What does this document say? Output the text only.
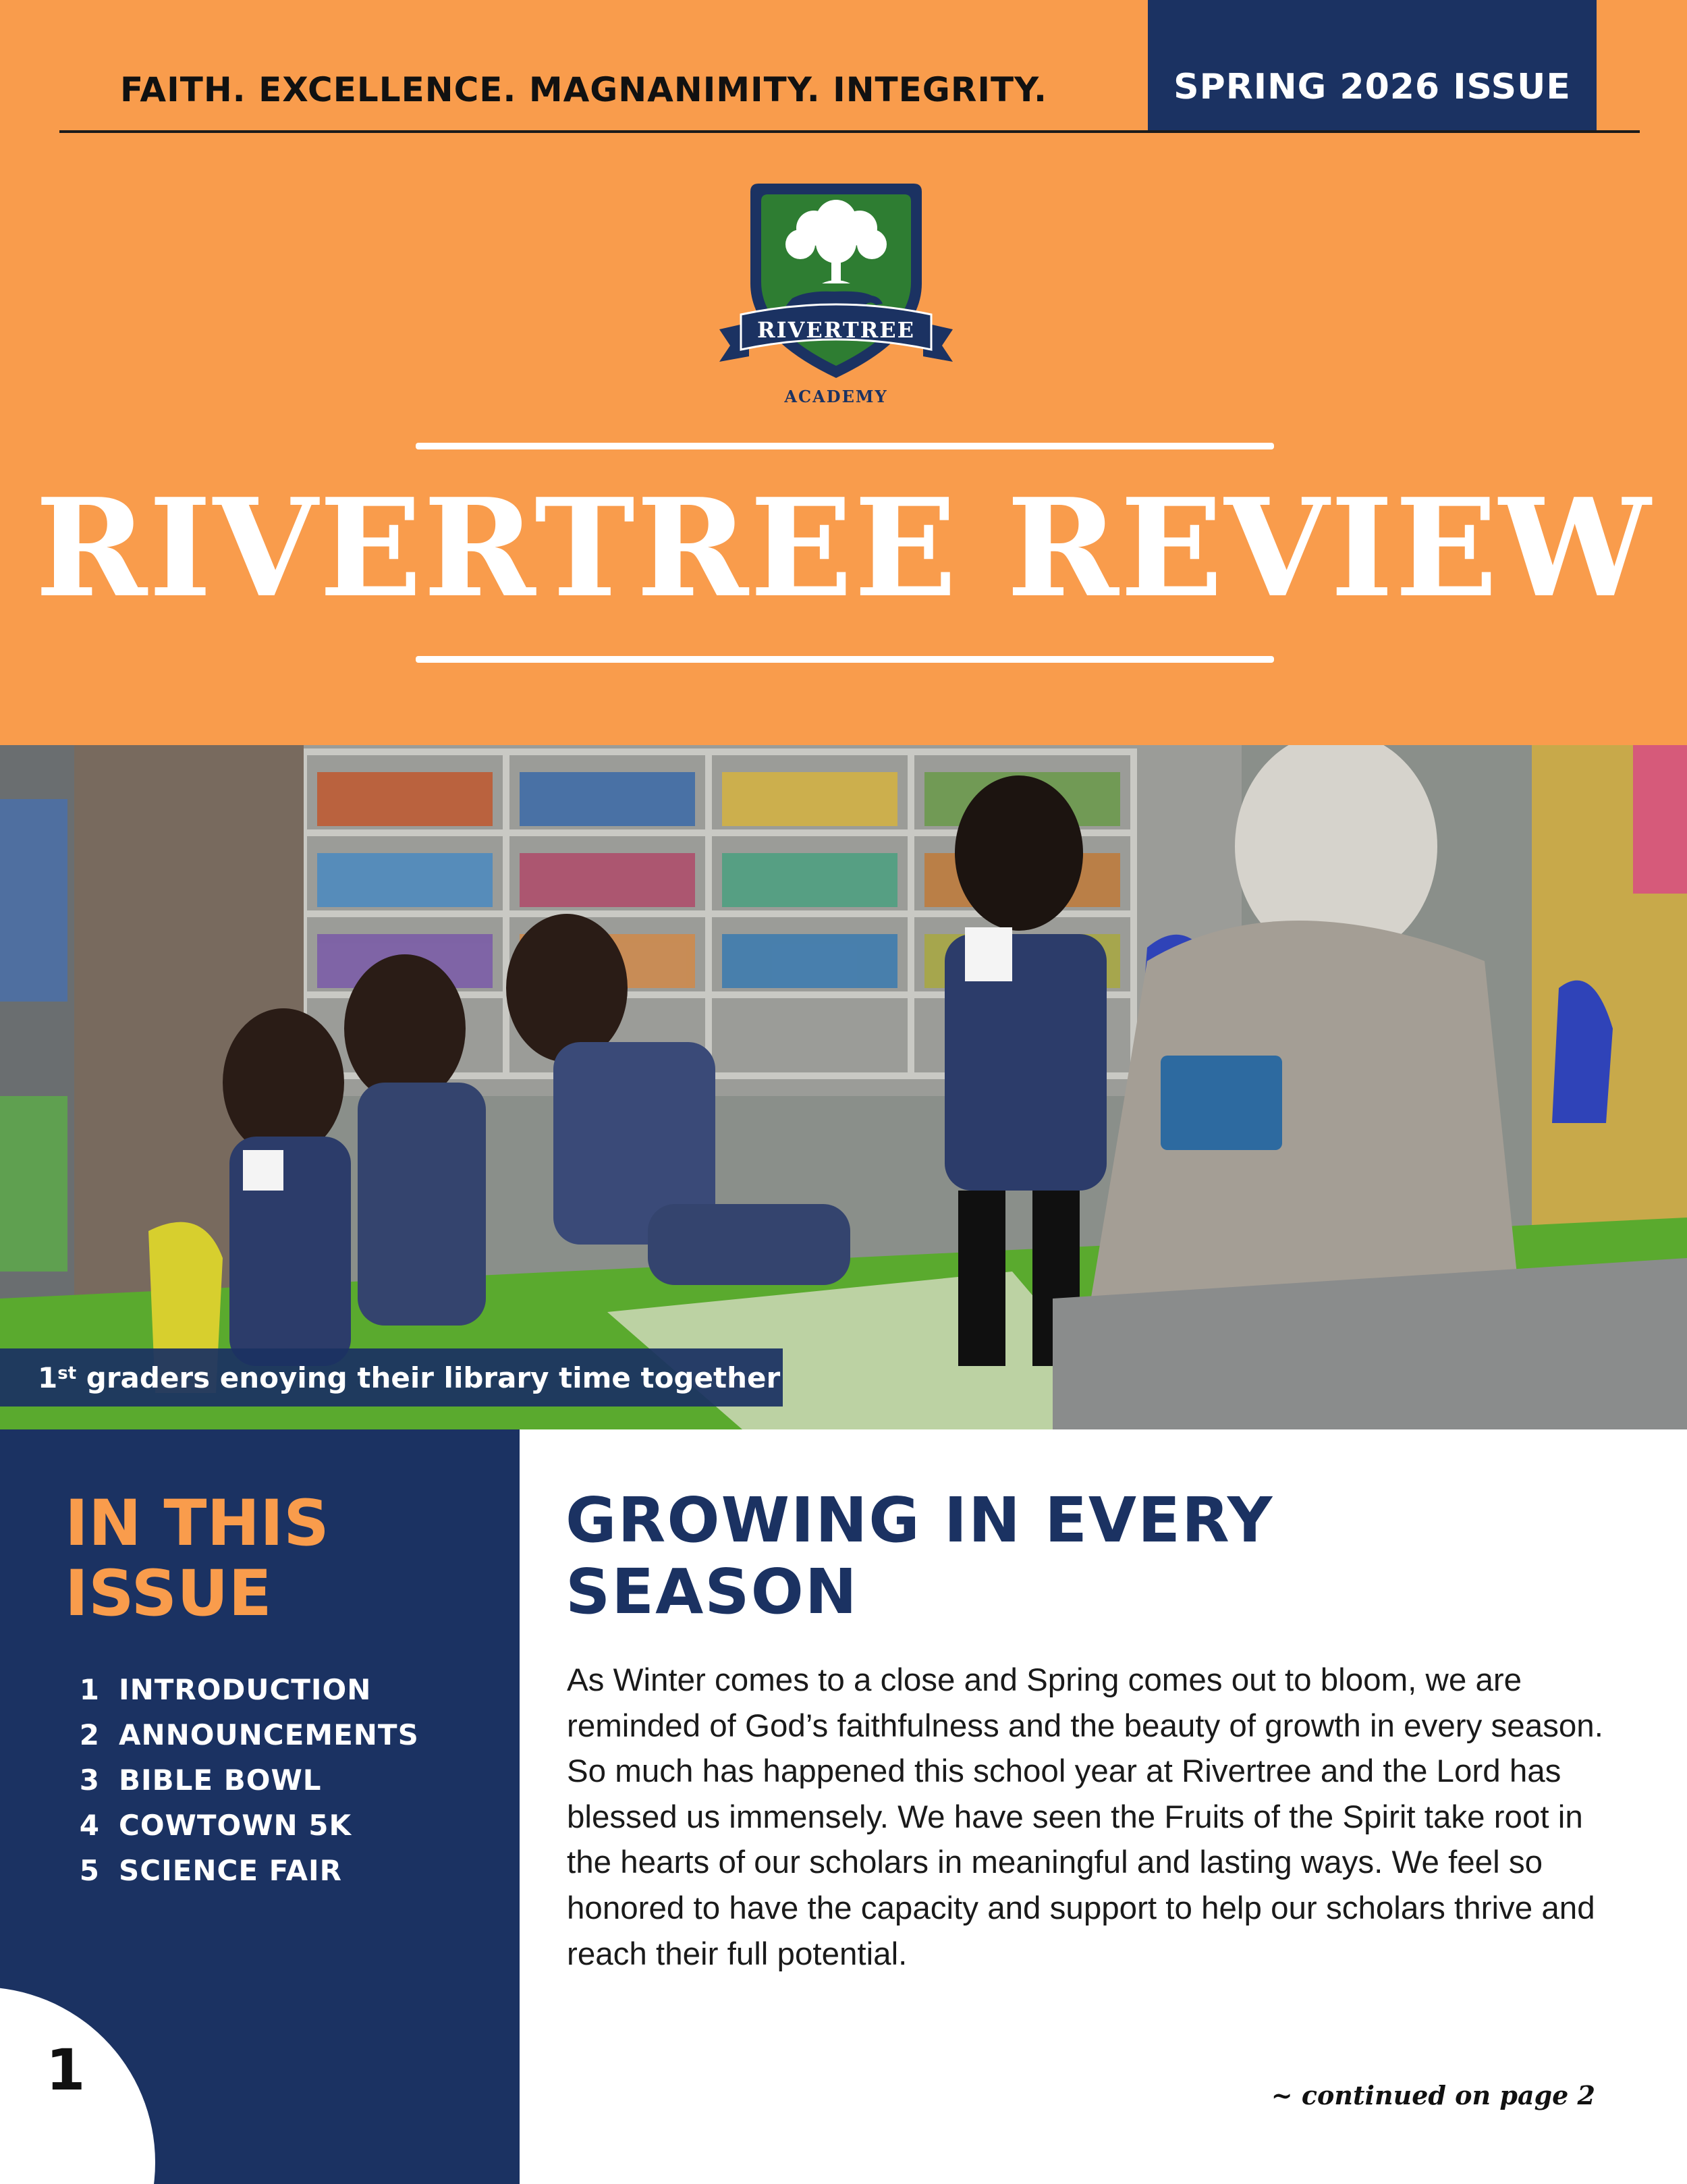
FAITH. EXCELLENCE. MAGNANIMITY. INTEGRITY.	SPRING 2026 ISSUE
RIVERTREE
ACADEMY
RIVERTREE REVIEW
1st graders enoying their library time together
IN THIS
ISSUE
1 INTRODUCTION
2 ANNOUNCEMENTS
3 BIBLE BOWL
4 COWTOWN 5K
5 SCIENCE FAIR
1
GROWING IN EVERY
SEASON

As Winter comes to a close and Spring comes out to bloom, we are reminded of God’s faithfulness and the beauty of growth in every season. So much has happened this school year at Rivertree and the Lord has blessed us immensely. We have seen the Fruits of the Spirit take root in the hearts of our scholars in meaningful and lasting ways. We feel so honored to have the capacity and support to help our scholars thrive and reach their full potential.

~ continued on page 2
